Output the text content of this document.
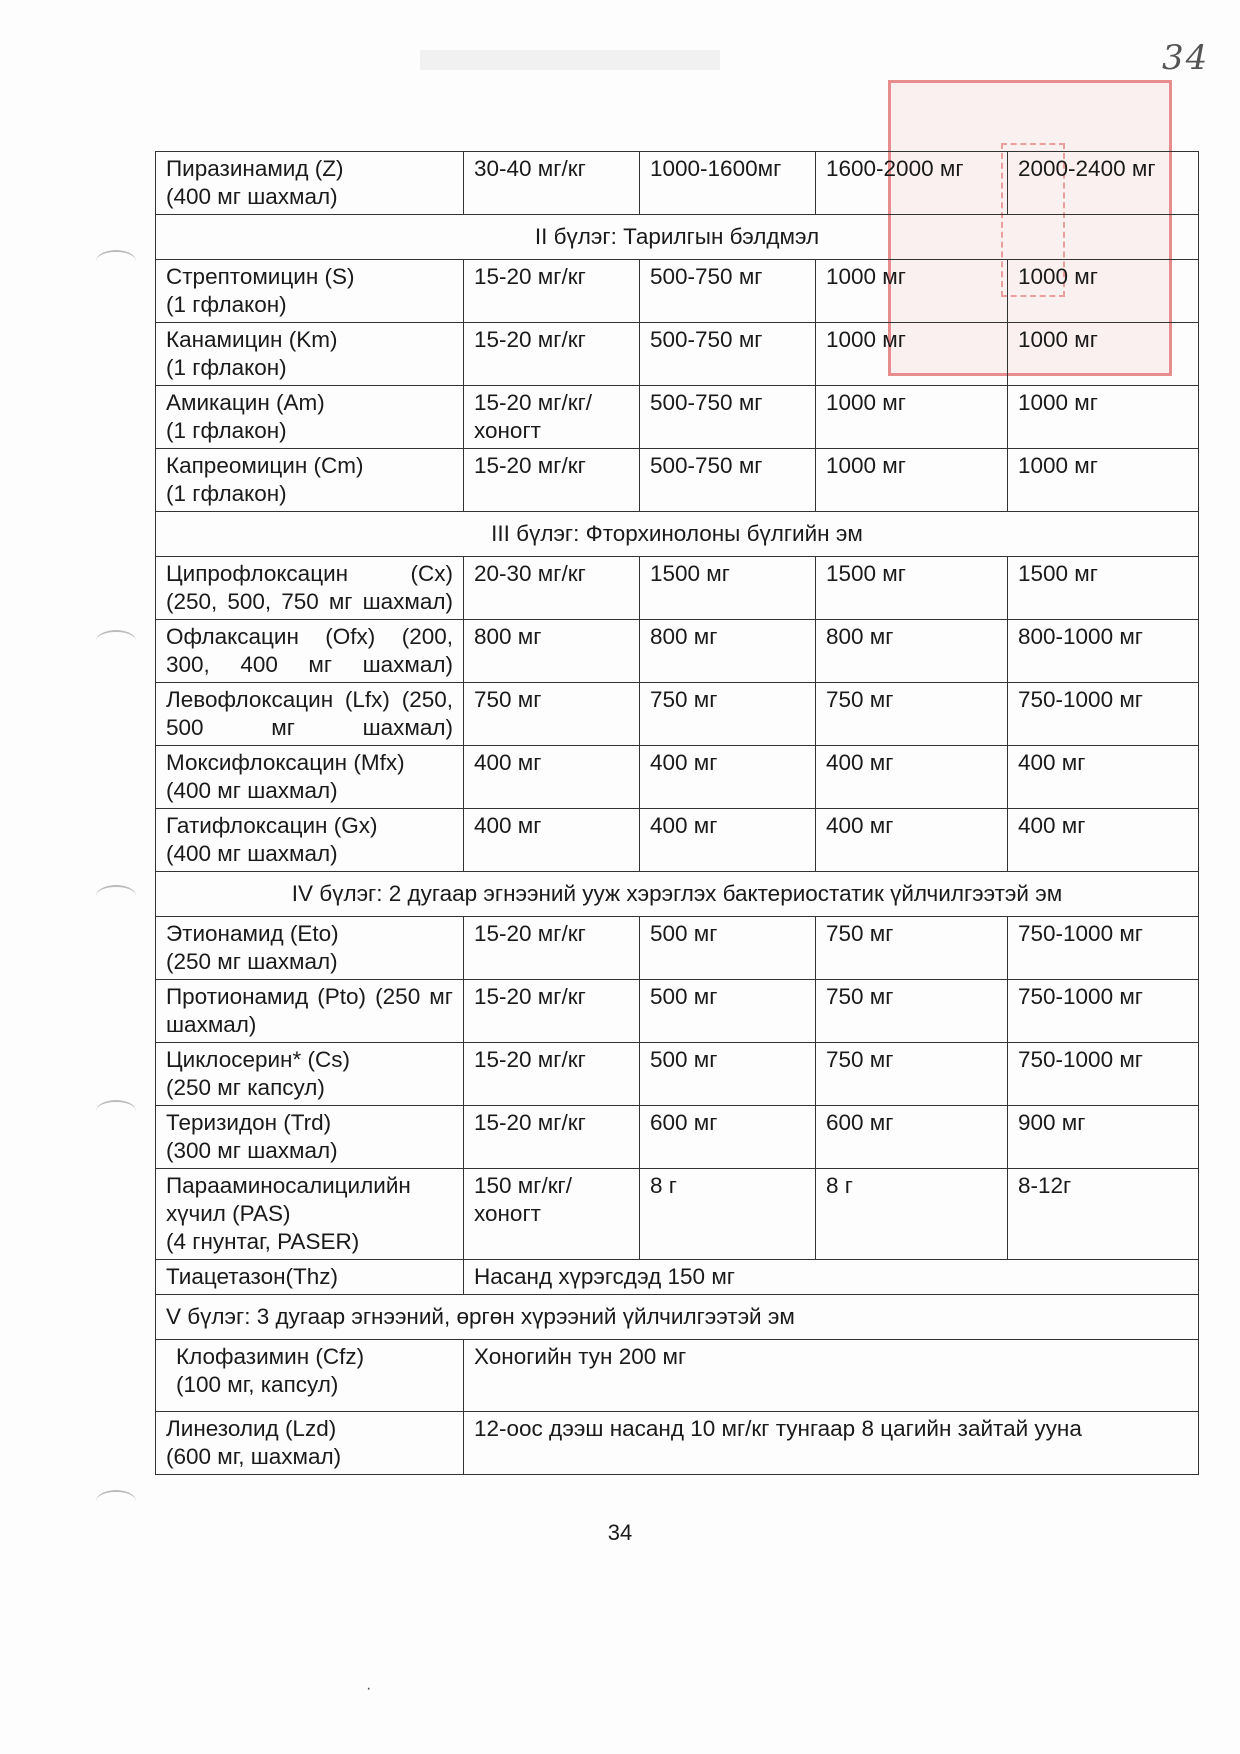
34
Пиразинамид (Z)
(400 мг шахмал)	30-40 мг/кг	1000-1600мг	1600-2000 мг	2000-2400 мг
II бүлэг: Тарилгын бэлдмэл				
Стрептомицин (S)
(1 гфлакон)	15-20 мг/кг	500-750 мг	1000 мг	1000 мг
Канамицин (Km)
(1 гфлакон)	15-20 мг/кг	500-750 мг	1000 мг	1000 мг
Амикацин (Am)
(1 гфлакон)	15-20 мг/кг/хоногт	500-750 мг	1000 мг	1000 мг
Капреомицин (Cm)
(1 гфлакон)	15-20 мг/кг	500-750 мг	1000 мг	1000 мг
III бүлэг: Фторхинолоны бүлгийн эм				
Ципрофлоксацин (Cx) (250, 500, 750 мг шахмал)	20-30 мг/кг	1500 мг	1500 мг	1500 мг
Офлаксацин (Ofx) (200, 300, 400 мг шахмал)	800 мг	800 мг	800 мг	800-1000 мг
Левофлоксацин (Lfx) (250, 500 мг шахмал)	750 мг	750 мг	750 мг	750-1000 мг
Моксифлоксацин (Mfx)
(400 мг шахмал)	400 мг	400 мг	400 мг	400 мг
Гатифлоксацин (Gx)
(400 мг шахмал)	400 мг	400 мг	400 мг	400 мг
IV бүлэг: 2 дугаар эгнээний ууж хэрэглэх бактериостатик үйлчилгээтэй эм				
Этионамид (Eto)
(250 мг шахмал)	15-20 мг/кг	500 мг	750 мг	750-1000 мг
Протионамид (Pto) (250 мг шахмал)	15-20 мг/кг	500 мг	750 мг	750-1000 мг
Циклосерин* (Cs)
(250 мг капсул)	15-20 мг/кг	500 мг	750 мг	750-1000 мг
Теризидон (Trd)
(300 мг шахмал)	15-20 мг/кг	600 мг	600 мг	900 мг
Парааминосалицилийн хүчил (PAS)
(4 гнунтаг, PASER)	150 мг/кг/хоногт	8 г	8 г	8-12г
Тиацетазон(Thz)	Насанд хүрэгсдэд 150 мг			
V бүлэг: 3 дугаар эгнээний, өргөн хүрээний үйлчилгээтэй эм				
Клофазимин (Cfz)
(100 мг, капсул)	Хоногийн тун 200 мг			
Линезолид (Lzd)
(600 мг, шахмал)	12-оос дээш насанд 10 мг/кг тунгаар 8 цагийн зайтай ууна			
34
·
